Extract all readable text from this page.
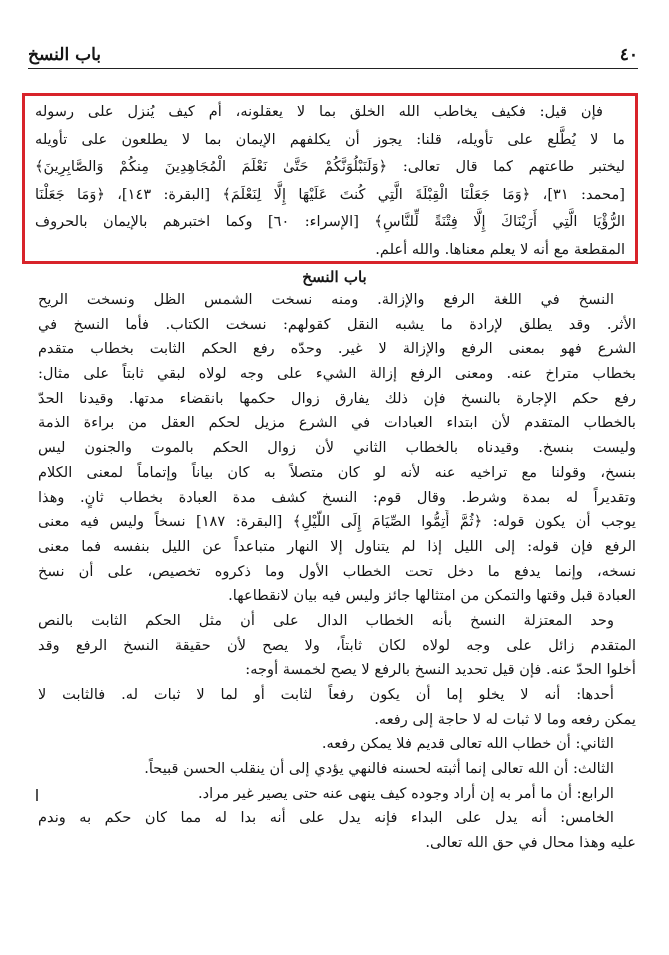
٤٠
باب النسخ
فإن قيل: فكيف يخاطب الله الخلق بما لا يعقلونه، أم كيف يُنزل على رسوله
ما لا يُطَّلع على تأويله، قلنا: يجوز أن يكلفهم الإيمان بما لا يطلعون على تأويله
ليختبر طاعتهم كما قال تعالى: ﴿وَلَنَبْلُوَنَّكُمْ حَتَّىٰ نَعْلَمَ الْمُجَاهِدِينَ مِنكُمْ وَالصَّابِرِينَ﴾
[محمد: ٣١]، ﴿وَمَا جَعَلْنَا الْقِبْلَةَ الَّتِي كُنتَ عَلَيْهَا إِلَّا لِنَعْلَمَ﴾ [البقرة: ١٤٣]، ﴿وَمَا جَعَلْنَا
الرُّؤْيَا الَّتِي أَرَيْنَاكَ إِلَّا فِتْنَةً لِّلنَّاسِ﴾ [الإسراء: ٦٠] وكما اختبرهم بالإيمان بالحروف
المقطعة مع أنه لا يعلم معناها. والله أعلم.
باب النسخ
النسخ في اللغة الرفع والإزالة. ومنه نسخت الشمس الظل ونسخت الريح
الأثر. وقد يطلق لإرادة ما يشبه النقل كقولهم: نسخت الكتاب. فأما النسخ في
الشرع فهو بمعنى الرفع والإزالة لا غير. وحدّه رفع الحكم الثابت بخطاب متقدم
بخطاب متراخ عنه. ومعنى الرفع إزالة الشيء على وجه لولاه لبقي ثابتاً على مثال:
رفع حكم الإجارة بالنسخ فإن ذلك يفارق زوال حكمها بانقضاء مدتها. وقيدنا الحدّ
بالخطاب المتقدم لأن ابتداء العبادات في الشرع مزيل لحكم العقل من براءة الذمة
وليست بنسخ. وقيدناه بالخطاب الثاني لأن زوال الحكم بالموت والجنون ليس
بنسخ، وقولنا مع تراخيه عنه لأنه لو كان متصلاً به كان بياناً وإتماماً لمعنى الكلام
وتقديراً له بمدة وشرط. وقال قوم: النسخ كشف مدة العبادة بخطاب ثانٍ. وهذا
يوجب أن يكون قوله: ﴿ثُمَّ أَتِمُّوا الصِّيَامَ إِلَى اللَّيْلِ﴾ [البقرة: ١٨٧] نسخاً وليس فيه معنى
الرفع فإن قوله: إلى الليل إذا لم يتناول إلا النهار متباعداً عن الليل بنفسه فما معنى
نسخه، وإنما يدفع ما دخل تحت الخطاب الأول وما ذكروه تخصيص، على أن نسخ
العبادة قبل وقتها والتمكن من امتثالها جائز وليس فيه بيان لانقطاعها.
وحد المعتزلة النسخ بأنه الخطاب الدال على أن مثل الحكم الثابت بالنص
المتقدم زائل على وجه لولاه لكان ثابتاً، ولا يصح لأن حقيقة النسخ الرفع وقد
أخلوا الحدّ عنه. فإن قيل تحديد النسخ بالرفع لا يصح لخمسة أوجه:
أحدها: أنه لا يخلو إما أن يكون رفعاً لثابت أو لما لا ثبات له. فالثابت لا
يمكن رفعه وما لا ثبات له لا حاجة إلى رفعه.
الثاني: أن خطاب الله تعالى قديم فلا يمكن رفعه.
الثالث: أن الله تعالى إنما أثبته لحسنه فالنهي يؤدي إلى أن ينقلب الحسن قبيحاً.
الرابع: أن ما أمر به إن أراد وجوده كيف ينهى عنه حتى يصير غير مراد.
الخامس: أنه يدل على البداء فإنه يدل على أنه بدا له مما كان حكم به وندم
عليه وهذا محال في حق الله تعالى.
